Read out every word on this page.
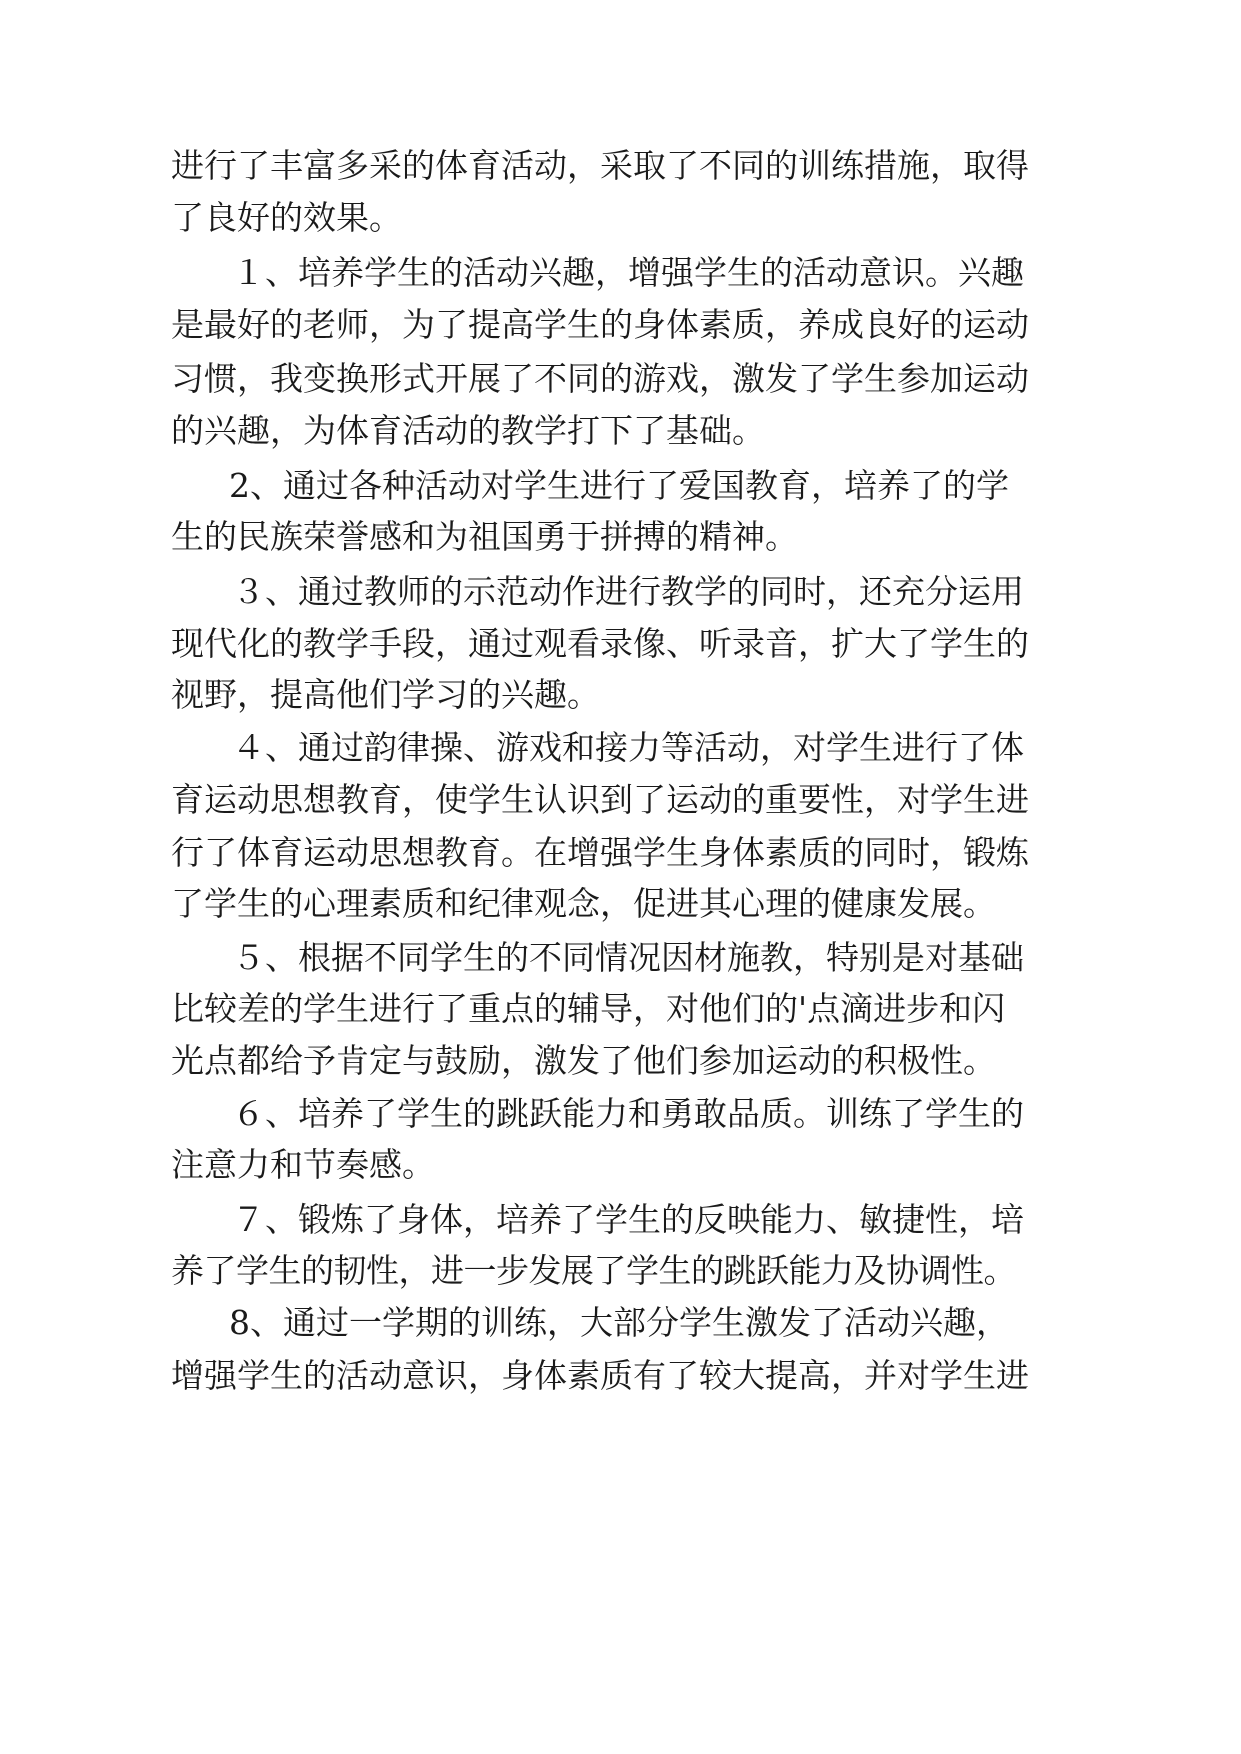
进行了丰富多采的体育活动，采取了不同的训练措施，取得

了良好的效果。

１、培养学生的活动兴趣，增强学生的活动意识。兴趣

是最好的老师，为了提高学生的身体素质，养成良好的运动

习惯，我变换形式开展了不同的游戏，激发了学生参加运动

的兴趣，为体育活动的教学打下了基础。

2、通过各种活动对学生进行了爱国教育，培养了的学

生的民族荣誉感和为祖国勇于拼搏的精神。

３、通过教师的示范动作进行教学的同时，还充分运用

现代化的教学手段，通过观看录像、听录音，扩大了学生的

视野，提高他们学习的兴趣。

４、通过韵律操、游戏和接力等活动，对学生进行了体

育运动思想教育，使学生认识到了运动的重要性，对学生进

行了体育运动思想教育。在增强学生身体素质的同时，锻炼

了学生的心理素质和纪律观念，促进其心理的健康发展。

５、根据不同学生的不同情况因材施教，特别是对基础

比较差的学生进行了重点的辅导，对他们的'点滴进步和闪

光点都给予肯定与鼓励，激发了他们参加运动的积极性。

６、培养了学生的跳跃能力和勇敢品质。训练了学生的

注意力和节奏感。

７、锻炼了身体，培养了学生的反映能力、敏捷性，培

养了学生的韧性，进一步发展了学生的跳跃能力及协调性。

8、通过一学期的训练，大部分学生激发了活动兴趣，

增强学生的活动意识，身体素质有了较大提高，并对学生进
